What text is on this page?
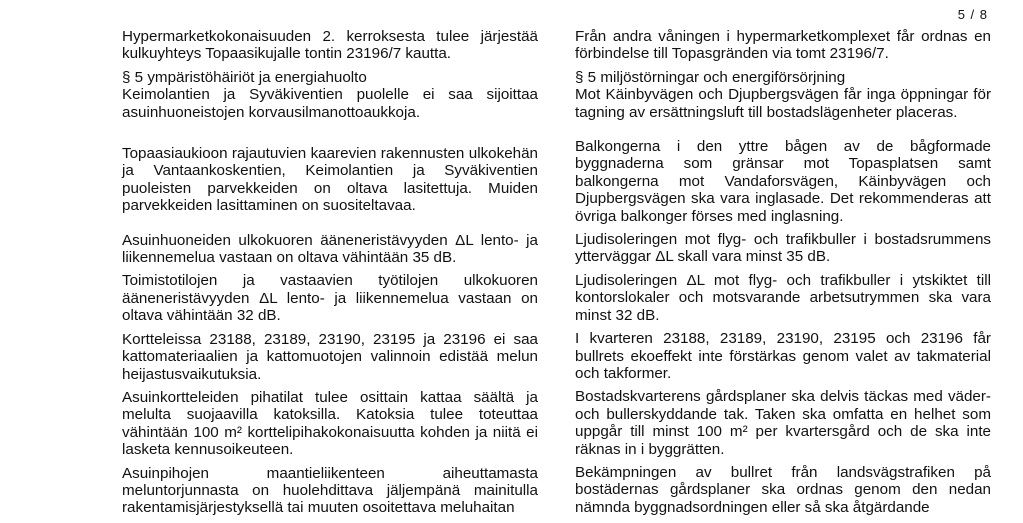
5 / 8

Hypermarketkokonaisuuden 2. kerroksesta tulee järjestää kulkuyhteys Topaasikujalle tontin 23196/7 kautta.

§ 5 ympäristöhäiriöt ja energiahuolto
Keimolantien ja Syväkiventien puolelle ei saa sijoittaa asuinhuoneistojen korvausilmanottoaukkoja.

Topaasiaukioon rajautuvien kaarevien rakennusten ulkokehän ja Vantaankoskentien, Keimolantien ja Syväkiventien puoleisten parvekkeiden on oltava lasitettuja. Muiden parvekkeiden lasittaminen on suositeltavaa.

Asuinhuoneiden ulkokuoren ääneneristävyyden ΔL lento- ja liikennemelua vastaan on oltava vähintään 35 dB.

Toimistotilojen ja vastaavien työtilojen ulkokuoren ääneneristävyyden ΔL lento- ja liikennemelua vastaan on oltava vähintään 32 dB.

Kortteleissa 23188, 23189, 23190, 23195 ja 23196 ei saa kattomateriaalien ja kattomuotojen valinnoin edistää melun heijastusvaikutuksia.

Asuinkortteleiden pihatilat tulee osittain kattaa säältä ja melulta suojaavilla katoksilla. Katoksia tulee toteuttaa vähintään 100 m² korttelipihakokonaisuutta kohden ja niitä ei lasketa kennusoikeuteen.

Asuinpihojen maantieliikenteen aiheuttamasta meluntorjunnasta on huolehdittava jäljempänä mainitulla rakentamisjärjestyksellä tai muuten osoitettava meluhaitan

Från andra våningen i hypermarketkomplexet får ordnas en förbindelse till Topasgränden via tomt 23196/7.

§ 5 miljöstörningar och energiförsörjning
Mot Käinbyvägen och Djupbergsvägen får inga öppningar för tagning av ersättningsluft till bostadslägenheter placeras.

Balkongerna i den yttre bågen av de bågformade byggnaderna som gränsar mot Topasplatsen samt balkongerna mot Vandaforsvägen, Käinbyvägen och Djupbergsvägen ska vara inglasade. Det rekommenderas att övriga balkonger förses med inglasning.

Ljudisoleringen mot flyg- och trafikbuller i bostadsrummens ytterväggar ΔL skall vara minst 35 dB.

Ljudisoleringen ΔL mot flyg- och trafikbuller i ytskiktet till kontorslokaler och motsvarande arbetsutrymmen ska vara minst 32 dB.

I kvarteren 23188, 23189, 23190, 23195 och 23196 får bullrets ekoeffekt inte förstärkas genom valet av takmaterial och takformer.

Bostadskvarterens gårdsplaner ska delvis täckas med väder- och bullerskyddande tak. Taken ska omfatta en helhet som uppgår till minst 100 m² per kvartersgård och de ska inte räknas in i byggrätten.

Bekämpningen av bullret från landsvägstrafiken på bostädernas gårdsplaner ska ordnas genom den nedan nämnda byggnadsordningen eller så ska åtgärdande
